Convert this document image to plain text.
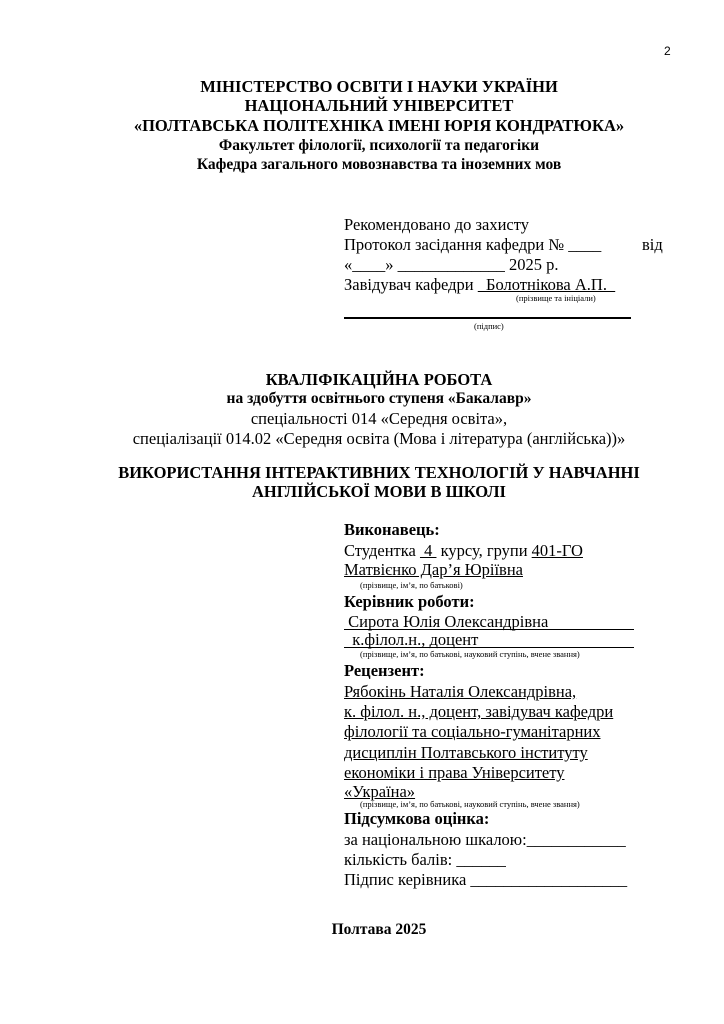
2
МІНІСТЕРСТВО ОСВІТИ І НАУКИ УКРАЇНИ
НАЦІОНАЛЬНИЙ УНІВЕРСИТЕТ
«ПОЛТАВСЬКА ПОЛІТЕХНІКА ІМЕНІ ЮРІЯ КОНДРАТЮКА»
Факультет філології, психології та педагогіки
Кафедра загального мовознавства та іноземних мов
Рекомендовано до захисту
Протокол засідання кафедри № ____ від
«____» _____________ 2025 р.
Завідувач кафедри   Болотнікова А.П.
(прізвище та ініціали)
(підпис)
КВАЛІФІКАЦІЙНА РОБОТА
на здобуття освітнього ступеня «Бакалавр»
спеціальності 014 «Середня освіта»,
спеціалізації 014.02 «Середня освіта (Мова і література (англійська))»
ВИКОРИСТАННЯ ІНТЕРАКТИВНИХ ТЕХНОЛОГІЙ У НАВЧАННІ
АНГЛІЙСЬКОЇ МОВИ В ШКОЛІ
Виконавець:
Студентка  4  курсу, групи 401-ГО
Матвієнко Дар’я Юріївна
(прізвище, ім’я, по батькові)
Керівник роботи:
Сирота Юлія Олександрівна
к.філол.н., доцент
(прізвище, ім’я, по батькові, науковий ступінь, вчене звання)
Рецензент:
Рябокінь Наталія Олександрівна,
к. філол. н., доцент, завідувач кафедри
філології та соціально-гуманітарних
дисциплін Полтавського інституту
економіки і права Університету
«Україна»
(прізвище, ім’я, по батькові, науковий ступінь, вчене звання)
Підсумкова оцінка:
за національною шкалою:____________
кількість балів: ______
Підпис керівника ___________________
Полтава 2025
